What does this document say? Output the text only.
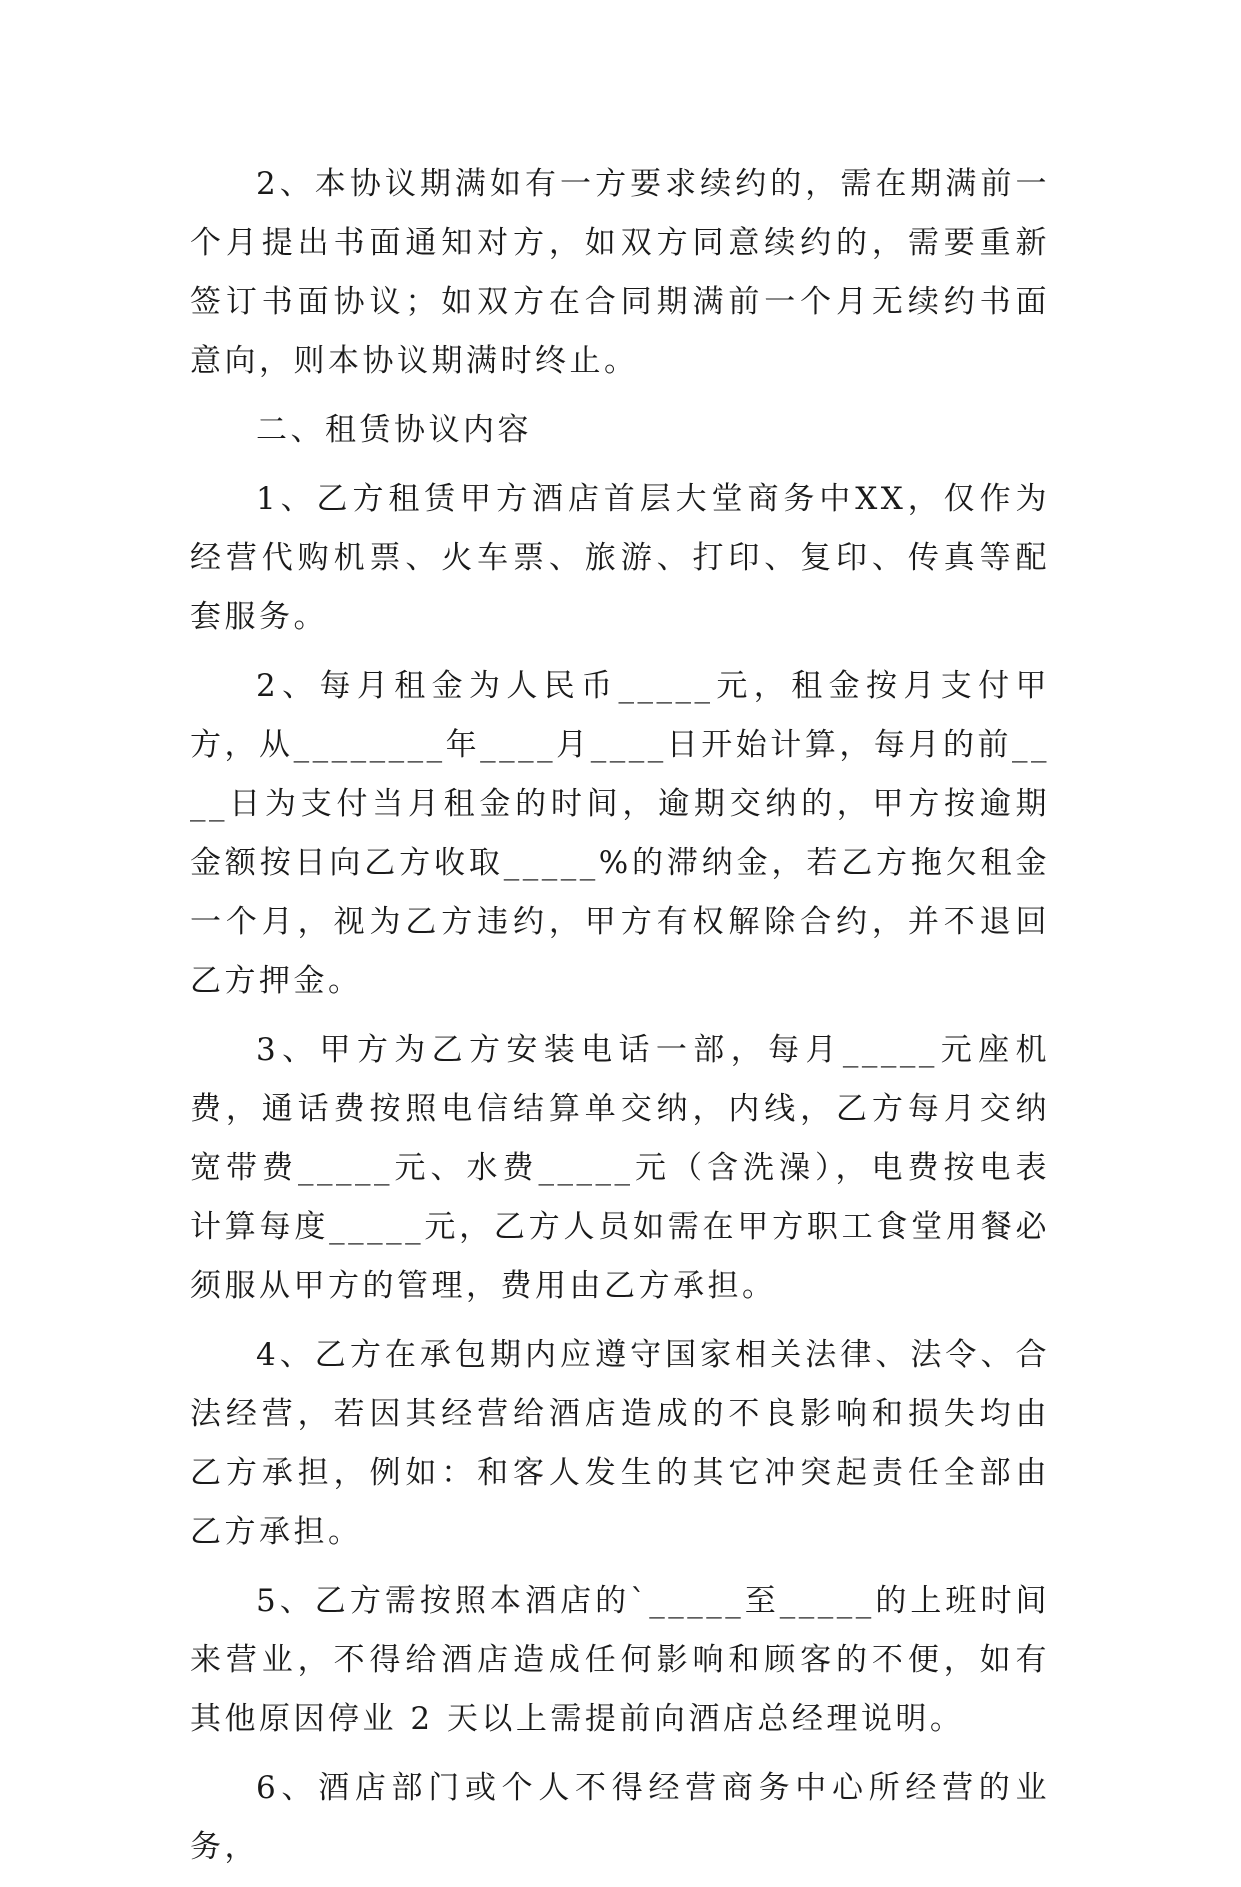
2、本协议期满如有一方要求续约的，需在期满前一个月提出书面通知对方，如双方同意续约的，需要重新签订书面协议；如双方在合同期满前一个月无续约书面意向，则本协议期满时终止。

二、租赁协议内容

1、乙方租赁甲方酒店首层大堂商务中XX，仅作为经营代购机票、火车票、旅游、打印、复印、传真等配套服务。

2、每月租金为人民币_____元，租金按月支付甲方，从________年____月____日开始计算，每月的前____日为支付当月租金的时间，逾期交纳的，甲方按逾期金额按日向乙方收取_____%的滞纳金，若乙方拖欠租金一个月，视为乙方违约，甲方有权解除合约，并不退回乙方押金。

3、甲方为乙方安装电话一部，每月_____元座机费，通话费按照电信结算单交纳，内线，乙方每月交纳宽带费_____元、水费_____元（含洗澡），电费按电表计算每度_____元，乙方人员如需在甲方职工食堂用餐必须服从甲方的管理，费用由乙方承担。

4、乙方在承包期内应遵守国家相关法律、法令、合法经营，若因其经营给酒店造成的不良影响和损失均由乙方承担，例如：和客人发生的其它冲突起责任全部由乙方承担。

5、乙方需按照本酒店的`_____至_____的上班时间来营业，不得给酒店造成任何影响和顾客的不便，如有其他原因停业 2 天以上需提前向酒店总经理说明。

6、酒店部门或个人不得经营商务中心所经营的业务，
